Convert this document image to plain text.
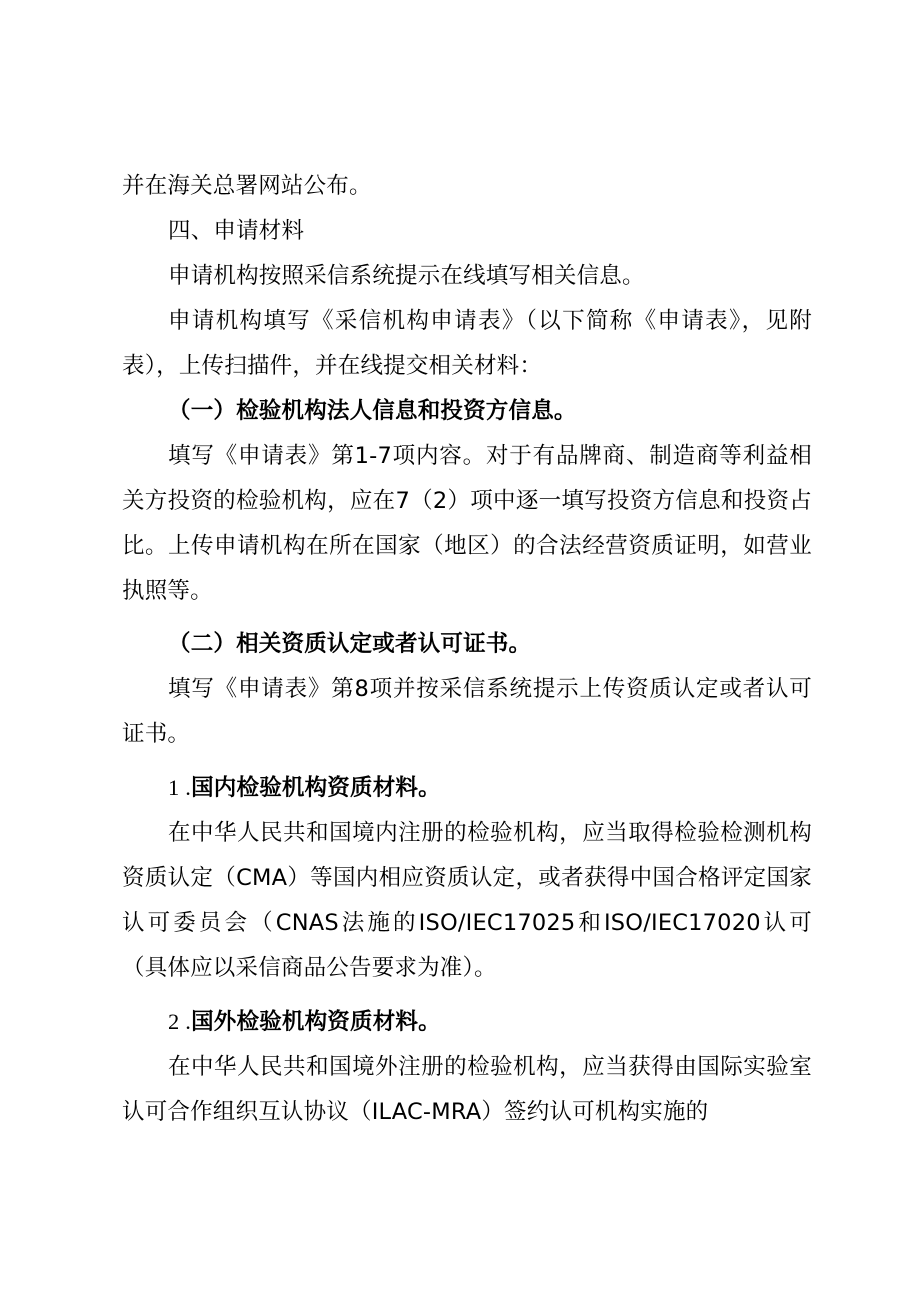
并在海关总署网站公布。

四、申请材料

申请机构按照采信系统提示在线填写相关信息。

申请机构填写《采信机构申请表》（以下简称《申请表》，见附表），上传扫描件，并在线提交相关材料：

（一）检验机构法人信息和投资方信息。

填写《申请表》第1-7项内容。对于有品牌商、制造商等利益相关方投资的检验机构，应在7（2）项中逐一填写投资方信息和投资占比。上传申请机构在所在国家（地区）的合法经营资质证明，如营业执照等。

（二）相关资质认定或者认可证书。

填写《申请表》第8项并按采信系统提示上传资质认定或者认可证书。

1 .国内检验机构资质材料。

在中华人民共和国境内注册的检验机构，应当取得检验检测机构资质认定（CMA）等国内相应资质认定，或者获得中国合格评定国家认可委员会（CNAS法施的ISO/IEC17025和ISO/IEC17020认可（具体应以采信商品公告要求为准）。

2 .国外检验机构资质材料。

在中华人民共和国境外注册的检验机构，应当获得由国际实验室认可合作组织互认协议（ILAC-MRA）签约认可机构实施的
